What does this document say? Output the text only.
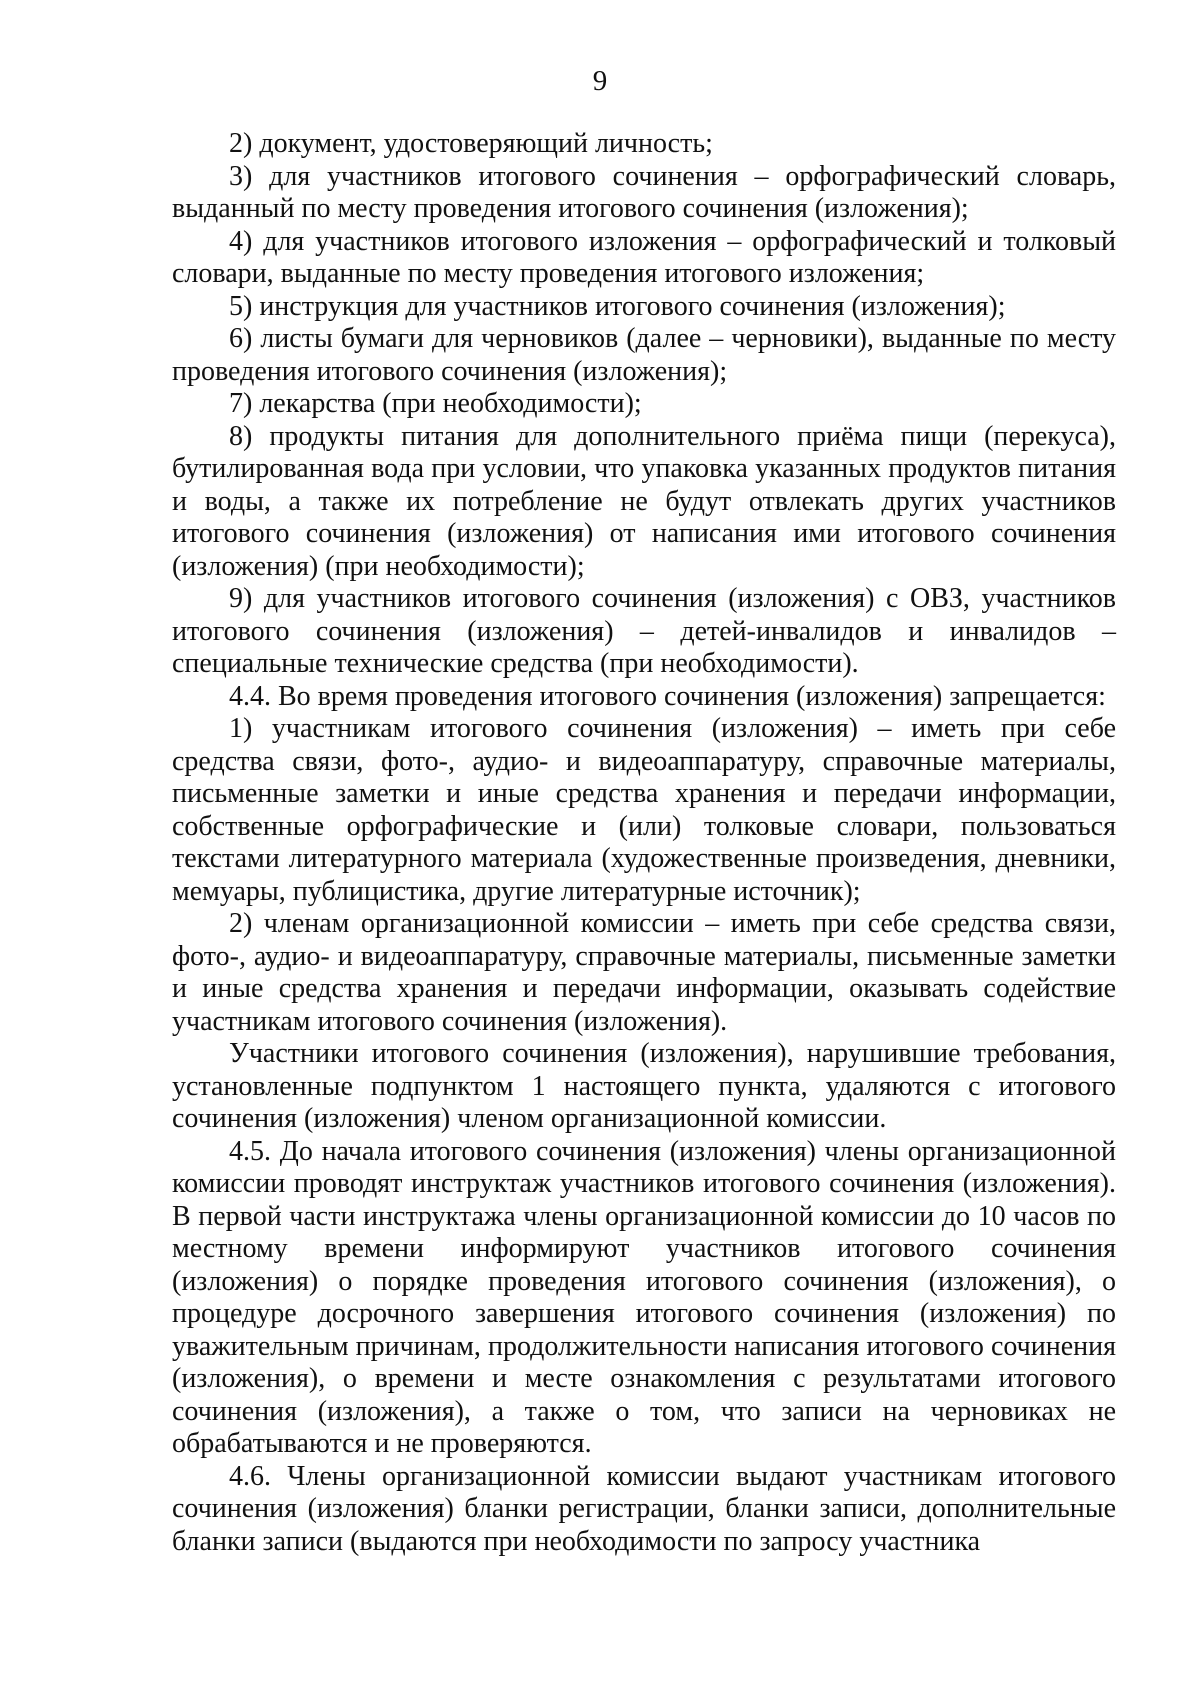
9

2) документ, удостоверяющий личность;

3) для участников итогового сочинения – орфографический словарь, выданный по месту проведения итогового сочинения (изложения);

4) для участников итогового изложения – орфографический и толковый словари, выданные по месту проведения итогового изложения;

5) инструкция для участников итогового сочинения (изложения);

6) листы бумаги для черновиков (далее – черновики), выданные по месту проведения итогового сочинения (изложения);

7) лекарства (при необходимости);

8) продукты питания для дополнительного приёма пищи (перекуса), бутилированная вода при условии, что упаковка указанных продуктов питания и воды, а также их потребление не будут отвлекать других участников итогового сочинения (изложения) от написания ими итогового сочинения (изложения) (при необходимости);

9) для участников итогового сочинения (изложения) с ОВЗ, участников итогового сочинения (изложения) – детей-инвалидов и инвалидов – специальные технические средства (при необходимости).

4.4. Во время проведения итогового сочинения (изложения) запрещается:

1) участникам итогового сочинения (изложения) – иметь при себе средства связи, фото-, аудио- и видеоаппаратуру, справочные материалы, письменные заметки и иные средства хранения и передачи информации, собственные орфографические и (или) толковые словари, пользоваться текстами литературного материала (художественные произведения, дневники, мемуары, публицистика, другие литературные источник);

2) членам организационной комиссии – иметь при себе средства связи, фото-, аудио- и видеоаппаратуру, справочные материалы, письменные заметки и иные средства хранения и передачи информации, оказывать содействие участникам итогового сочинения (изложения).

Участники итогового сочинения (изложения), нарушившие требования, установленные подпунктом 1 настоящего пункта, удаляются с итогового сочинения (изложения) членом организационной комиссии.

4.5. До начала итогового сочинения (изложения) члены организационной комиссии проводят инструктаж участников итогового сочинения (изложения). В первой части инструктажа члены организационной комиссии до 10 часов по местному времени информируют участников итогового сочинения (изложения) о порядке проведения итогового сочинения (изложения), о процедуре досрочного завершения итогового сочинения (изложения) по уважительным причинам, продолжительности написания итогового сочинения (изложения), о времени и месте ознакомления с результатами итогового сочинения (изложения), а также о том, что записи на черновиках не обрабатываются и не проверяются.

4.6. Члены организационной комиссии выдают участникам итогового сочинения (изложения) бланки регистрации, бланки записи, дополнительные бланки записи (выдаются при необходимости по запросу участника
